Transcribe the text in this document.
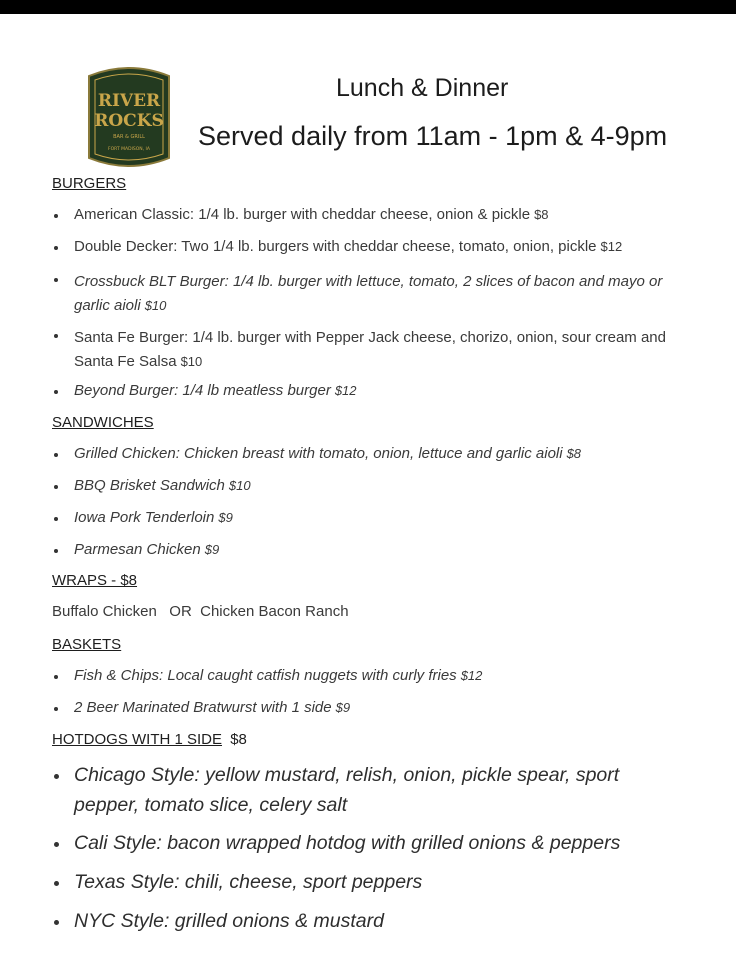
RIVER
ROCKS
BAR & GRILL
FORT MADISON, IA
Lunch & Dinner
Served daily from 11am - 1pm & 4-9pm
BURGERS
American Classic: 1/4 lb. burger with cheddar cheese, onion & pickle $8
Double Decker: Two 1/4 lb. burgers with cheddar cheese, tomato, onion, pickle $12
Crossbuck BLT Burger: 1/4 lb. burger with lettuce, tomato, 2 slices of bacon and mayo or garlic aioli $10
Santa Fe Burger: 1/4 lb. burger with Pepper Jack cheese, chorizo, onion, sour cream and Santa Fe Salsa $10
Beyond Burger: 1/4 lb meatless burger $12
SANDWICHES
Grilled Chicken: Chicken breast with tomato, onion, lettuce and garlic aioli $8
BBQ Brisket Sandwich $10
Iowa Pork Tenderloin $9
Parmesan Chicken $9
WRAPS - $8
Buffalo Chicken   OR  Chicken Bacon Ranch
BASKETS
Fish & Chips: Local caught catfish nuggets with curly fries $12
2 Beer Marinated Bratwurst with 1 side $9
HOTDOGS WITH 1 SIDE $8
Chicago Style: yellow mustard, relish, onion, pickle spear, sport pepper, tomato slice, celery salt
Cali Style: bacon wrapped hotdog with grilled onions & peppers
Texas Style: chili, cheese, sport peppers
NYC Style: grilled onions & mustard
